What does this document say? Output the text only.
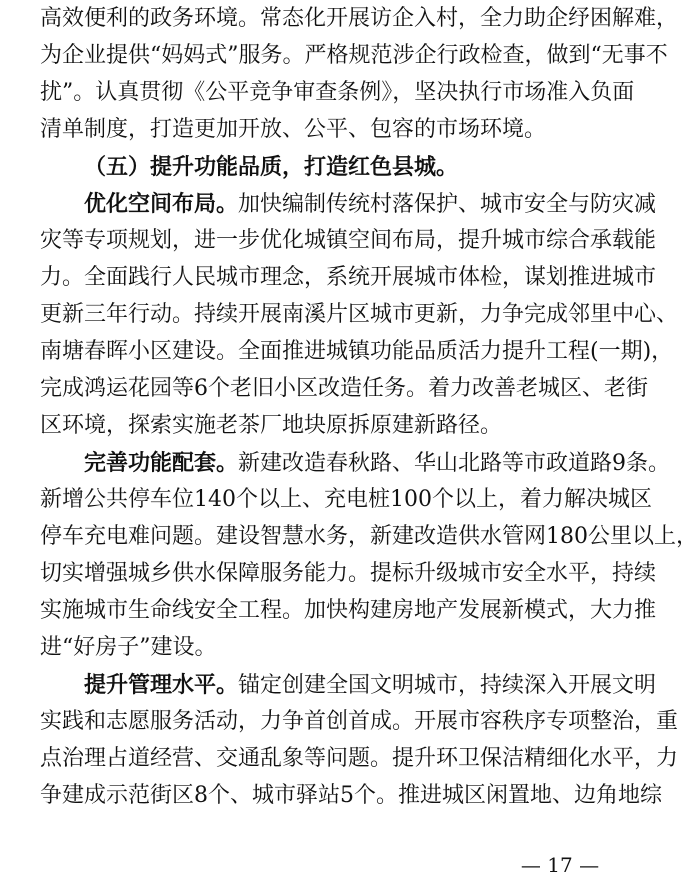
高效便利的政务环境。常态化开展访企入村，全力助企纾困解难，
为企业提供“妈妈式”服务。严格规范涉企行政检查，做到“无事不
扰”。认真贯彻《公平竞争审查条例》，坚决执行市场准入负面
清单制度，打造更加开放、公平、包容的市场环境。
（五）提升功能品质，打造红色县城。
优化空间布局。加快编制传统村落保护、城市安全与防灾减
灾等专项规划，进一步优化城镇空间布局，提升城市综合承载能
力。全面践行人民城市理念，系统开展城市体检，谋划推进城市
更新三年行动。持续开展南溪片区城市更新，力争完成邻里中心、
南塘春晖小区建设。全面推进城镇功能品质活力提升工程(一期)，
完成鸿运花园等6个老旧小区改造任务。着力改善老城区、老街
区环境，探索实施老茶厂地块原拆原建新路径。
完善功能配套。新建改造春秋路、华山北路等市政道路9条。
新增公共停车位140个以上、充电桩100个以上，着力解决城区
停车充电难问题。建设智慧水务，新建改造供水管网180公里以上，
切实增强城乡供水保障服务能力。提标升级城市安全水平，持续
实施城市生命线安全工程。加快构建房地产发展新模式，大力推
进“好房子”建设。
提升管理水平。锚定创建全国文明城市，持续深入开展文明
实践和志愿服务活动，力争首创首成。开展市容秩序专项整治，重
点治理占道经营、交通乱象等问题。提升环卫保洁精细化水平，力
争建成示范街区8个、城市驿站5个。推进城区闲置地、边角地综
— 17 —
